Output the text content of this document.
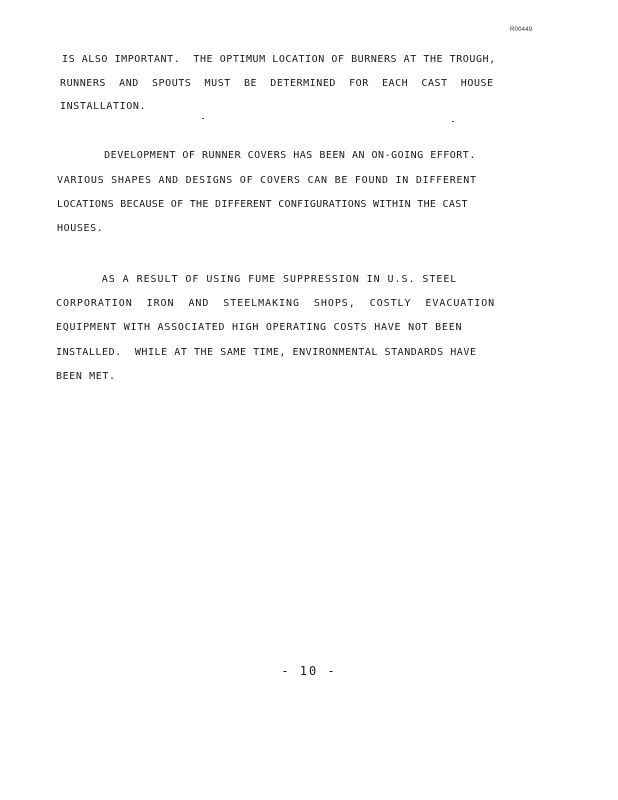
R00449
IS ALSO IMPORTANT.  THE OPTIMUM LOCATION OF BURNERS AT THE TROUGH,
RUNNERS  AND  SPOUTS  MUST  BE  DETERMINED  FOR  EACH  CAST  HOUSE
INSTALLATION.
DEVELOPMENT OF RUNNER COVERS HAS BEEN AN ON-GOING EFFORT.
VARIOUS SHAPES AND DESIGNS OF COVERS CAN BE FOUND IN DIFFERENT
LOCATIONS BECAUSE OF THE DIFFERENT CONFIGURATIONS WITHIN THE CAST
HOUSES.
AS A RESULT OF USING FUME SUPPRESSION IN U.S. STEEL
CORPORATION  IRON  AND  STEELMAKING  SHOPS,  COSTLY  EVACUATION
EQUIPMENT WITH ASSOCIATED HIGH OPERATING COSTS HAVE NOT BEEN
INSTALLED.  WHILE AT THE SAME TIME, ENVIRONMENTAL STANDARDS HAVE
BEEN MET.
- 10 -
